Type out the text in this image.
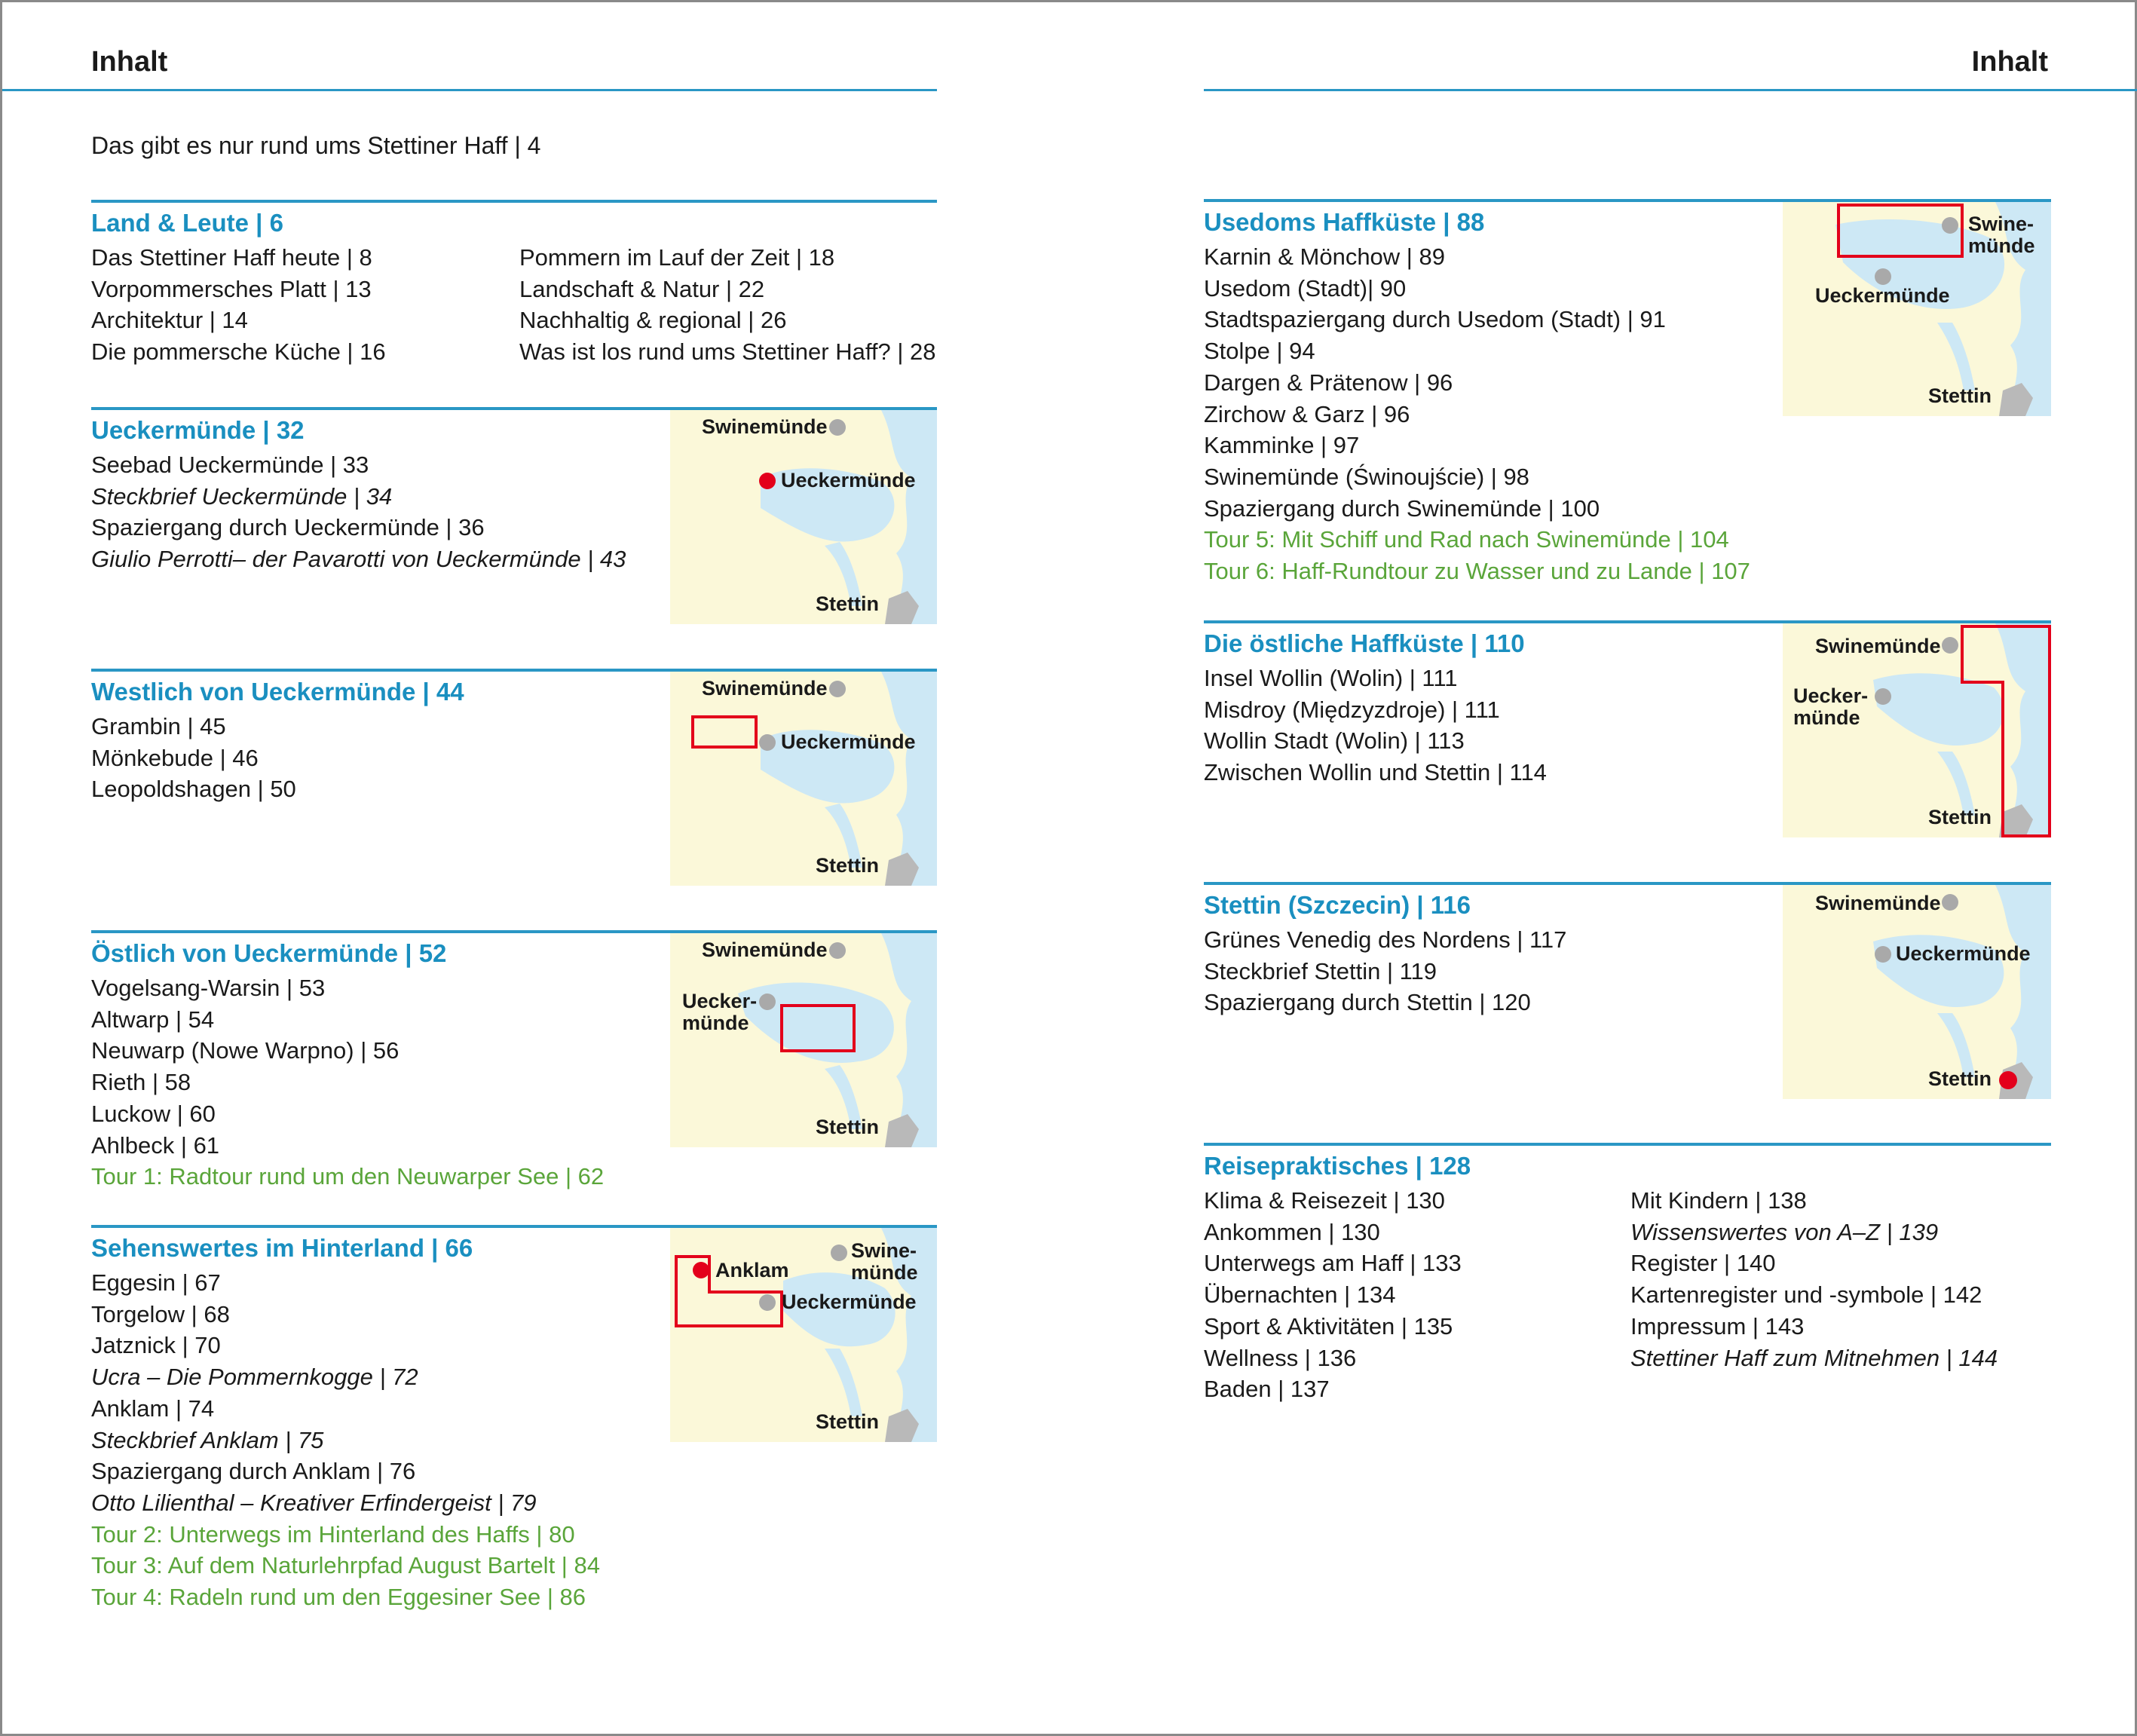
Inhalt	Inhalt
Das gibt es nur rund ums Stettiner Haff | 4
Land & Leute | 6
Das Stettiner Haff heute | 8
Vorpommersches Platt | 13
Architektur | 14
Die pommersche Küche | 16
Pommern im Lauf der Zeit | 18
Landschaft & Natur | 22
Nachhaltig & regional | 26
Was ist los rund ums Stettiner Haff? | 28
Ueckermünde | 32
Seebad Ueckermünde | 33
Steckbrief Ueckermünde | 34
Spaziergang durch Ueckermünde | 36
Giulio Perrotti– der Pavarotti von Ueckermünde | 43
Swinemünde
Ueckermünde
Stettin
Westlich von Ueckermünde | 44
Grambin | 45
Mönkebude | 46
Leopoldshagen | 50
Swinemünde
Ueckermünde
Stettin
Östlich von Ueckermünde | 52
Vogelsang-Warsin | 53
Altwarp | 54
Neuwarp (Nowe Warpno) | 56
Rieth | 58
Luckow | 60
Ahlbeck | 61
Tour 1: Radtour rund um den Neuwarper See | 62
Swinemünde
Uecker-
münde
Stettin
Sehenswertes im Hinterland | 66
Eggesin | 67
Torgelow | 68
Jatznick | 70
Ucra – Die Pommernkogge | 72
Anklam | 74
Steckbrief Anklam | 75
Spaziergang durch Anklam | 76
Otto Lilienthal – Kreativer Erfindergeist | 79
Tour 2: Unterwegs im Hinterland des Haffs | 80
Tour 3: Auf dem Naturlehrpfad August Bartelt | 84
Tour 4: Radeln rund um den Eggesiner See | 86
Anklam
Swine-
münde
Ueckermünde
Stettin
Usedoms Haffküste | 88
Karnin & Mönchow | 89
Usedom (Stadt)| 90
Stadtspaziergang durch Usedom (Stadt) | 91
Stolpe | 94
Dargen & Prätenow | 96
Zirchow & Garz | 96
Kamminke | 97
Swinemünde (Świnoujście) | 98
Spaziergang durch Swinemünde | 100
Tour 5: Mit Schiff und Rad nach Swinemünde | 104
Tour 6: Haff-Rundtour zu Wasser und zu Lande | 107
Swine-
münde
Ueckermünde
Stettin
Die östliche Haffküste | 110
Insel Wollin (Wolin) | 111
Misdroy (Międzyzdroje) | 111
Wollin Stadt (Wolin) | 113
Zwischen Wollin und Stettin | 114
Swinemünde
Uecker-
münde
Stettin
Stettin (Szczecin) | 116
Grünes Venedig des Nordens | 117
Steckbrief Stettin | 119
Spaziergang durch Stettin | 120
Swinemünde
Ueckermünde
Stettin
Reisepraktisches | 128
Klima & Reisezeit | 130
Ankommen | 130
Unterwegs am Haff | 133
Übernachten | 134
Sport & Aktivitäten | 135
Wellness | 136
Baden | 137
Mit Kindern | 138
Wissenswertes von A–Z | 139
Register | 140
Kartenregister und -symbole | 142
Impressum | 143
Stettiner Haff zum Mitnehmen | 144
